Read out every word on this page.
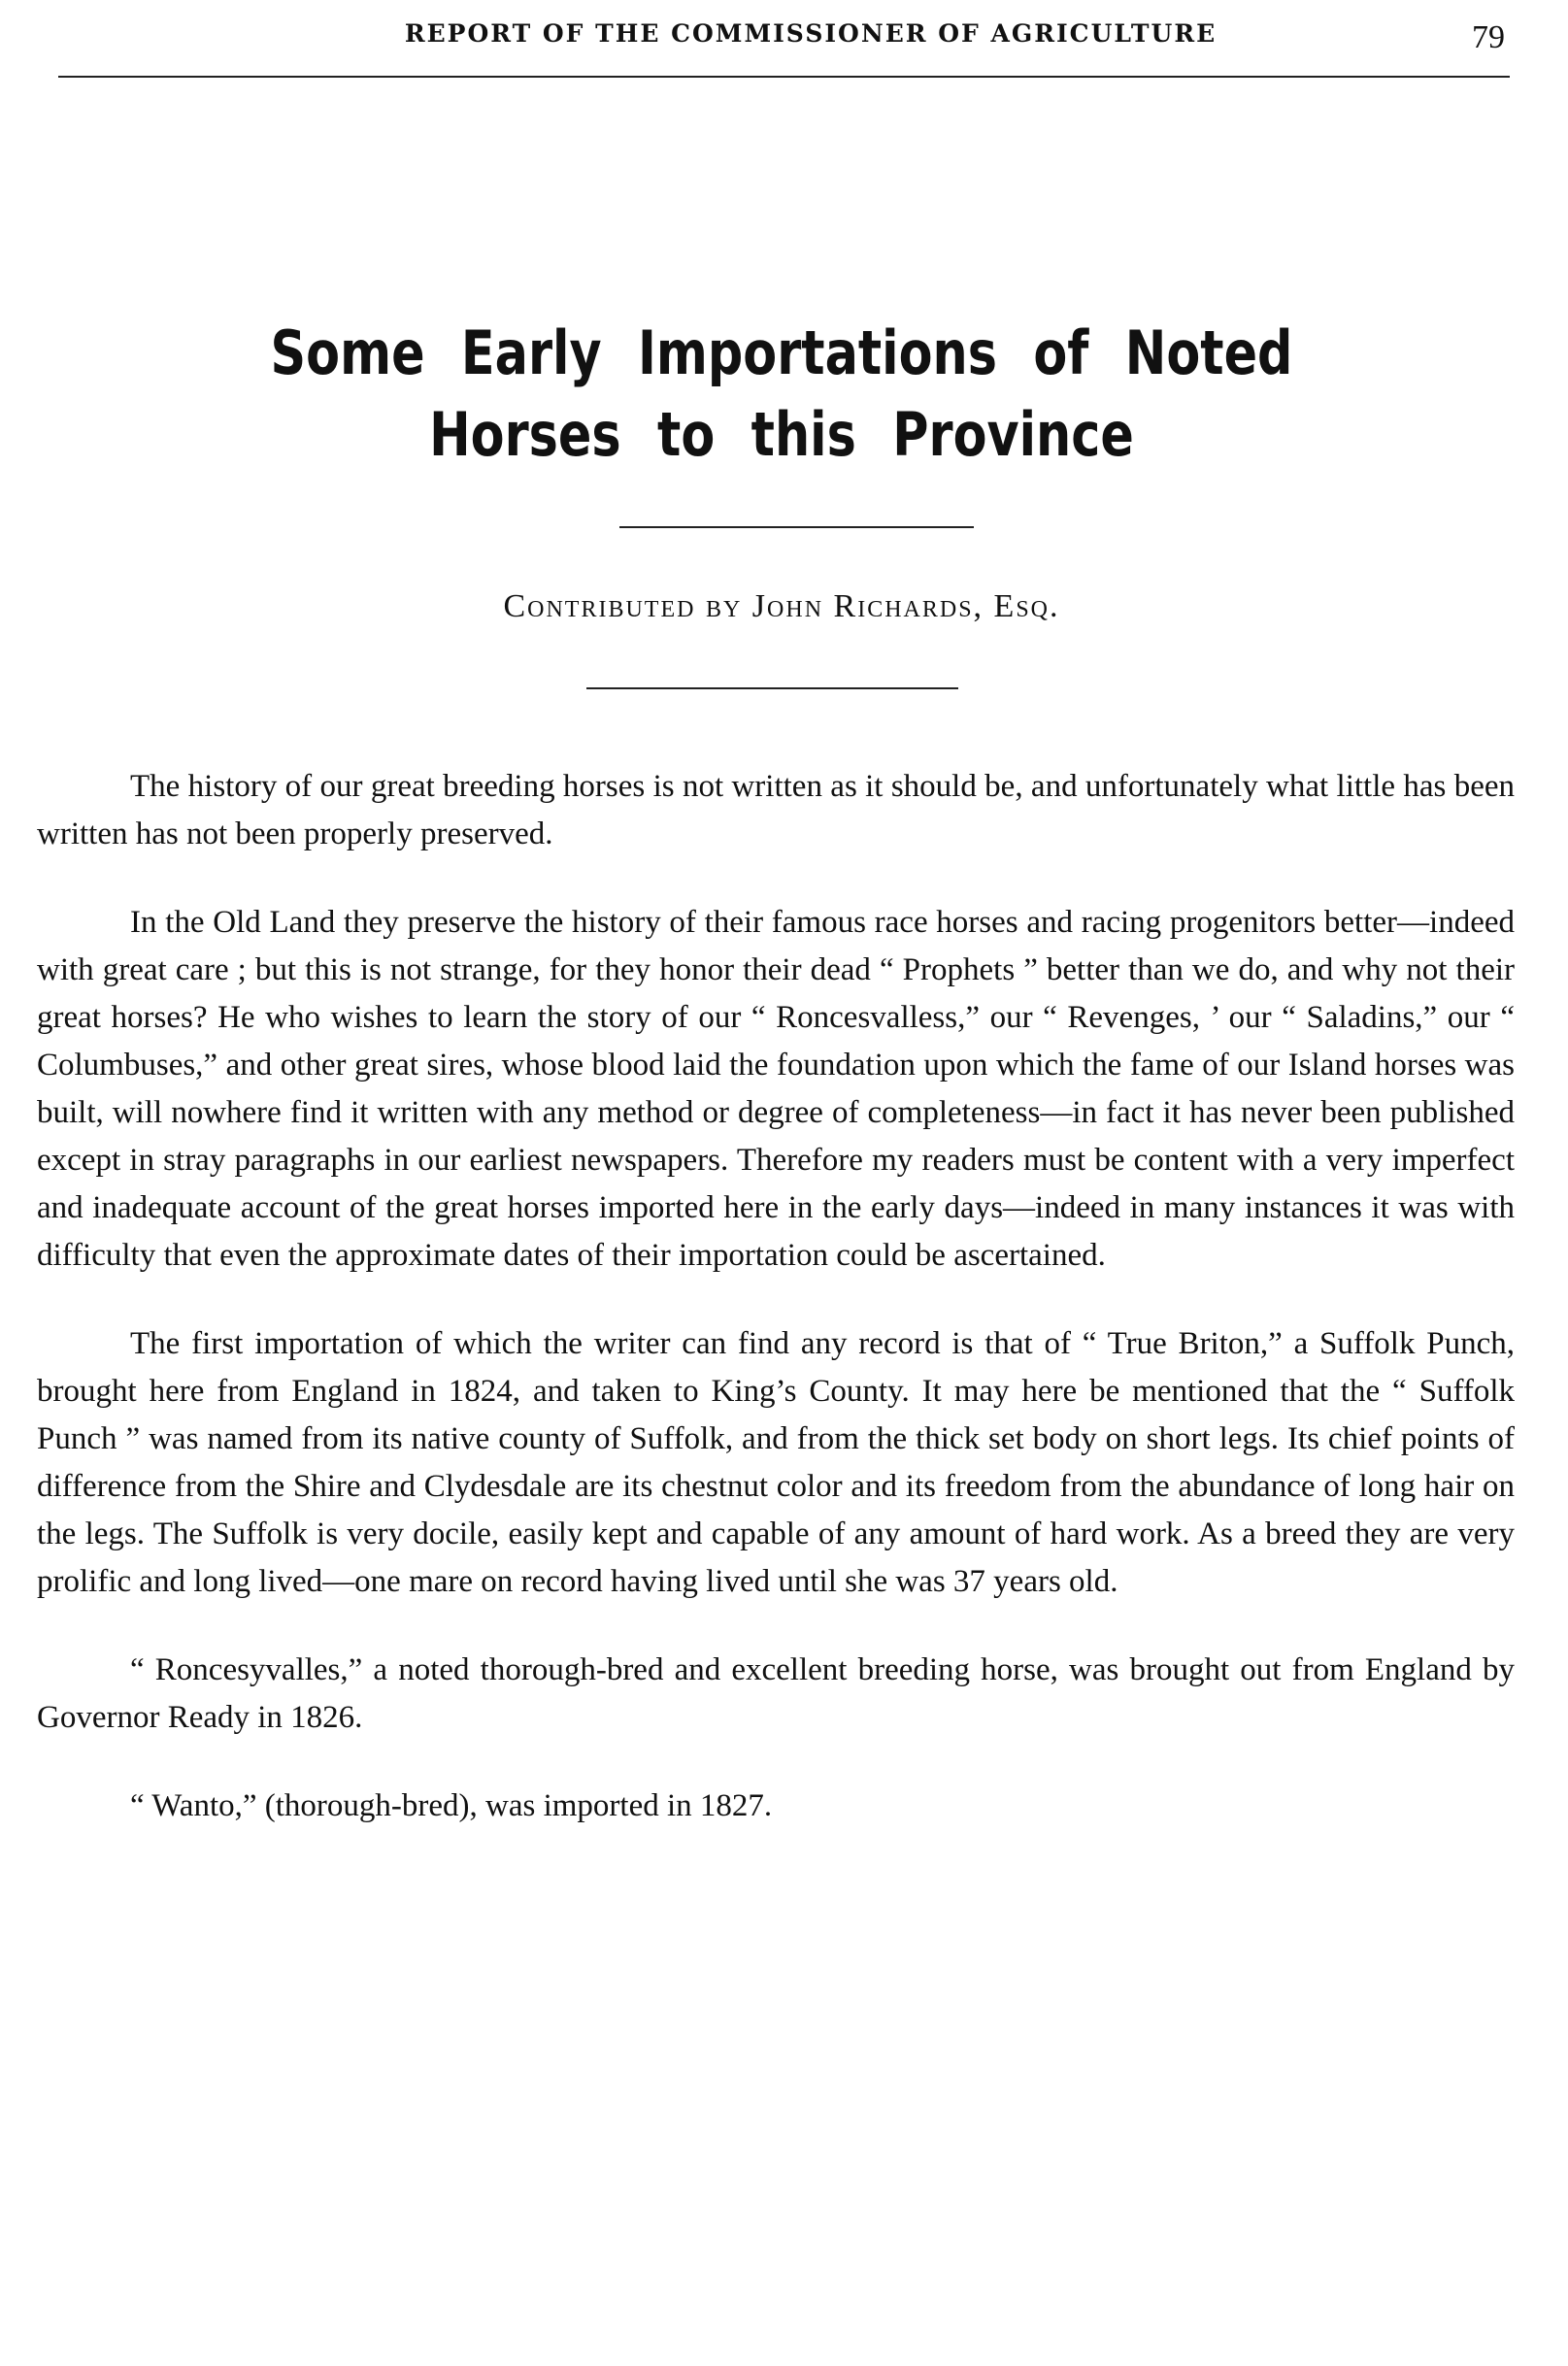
REPORT OF THE COMMISSIONER OF AGRICULTURE	79
Some Early Importations of Noted Horses to this Province
Contributed by John Richards, Esq.

The history of our great breeding horses is not written as it should be, and unfortunately what little has been written has not been properly preserved.

In the Old Land they preserve the history of their famous race horses and racing progenitors better—indeed with great care ; but this is not strange, for they honor their dead “ Prophets ” better than we do, and why not their great horses? He who wishes to learn the story of our “ Roncesvalless,” our “ Revenges, ’ our “ Saladins,” our “ Columbuses,” and other great sires, whose blood laid the foundation upon which the fame of our Island horses was built, will nowhere find it written with any method or degree of completeness—in fact it has never been published except in stray paragraphs in our earliest newspapers. Therefore my readers must be content with a very imperfect and inadequate account of the great horses imported here in the early days—indeed in many instances it was with difficulty that even the approximate dates of their importation could be ascertained.

The first importation of which the writer can find any record is that of “ True Briton,” a Suffolk Punch, brought here from England in 1824, and taken to King’s County. It may here be mentioned that the “ Suffolk Punch ” was named from its native county of Suffolk, and from the thick set body on short legs. Its chief points of difference from the Shire and Clydesdale are its chestnut color and its freedom from the abundance of long hair on the legs. The Suffolk is very docile, easily kept and capable of any amount of hard work. As a breed they are very prolific and long lived—one mare on record having lived until she was 37 years old.

“ Roncesyvalles,” a noted thorough-bred and excellent breeding horse, was brought out from England by Governor Ready in 1826.

“ Wanto,” (thorough-bred), was imported in 1827.
